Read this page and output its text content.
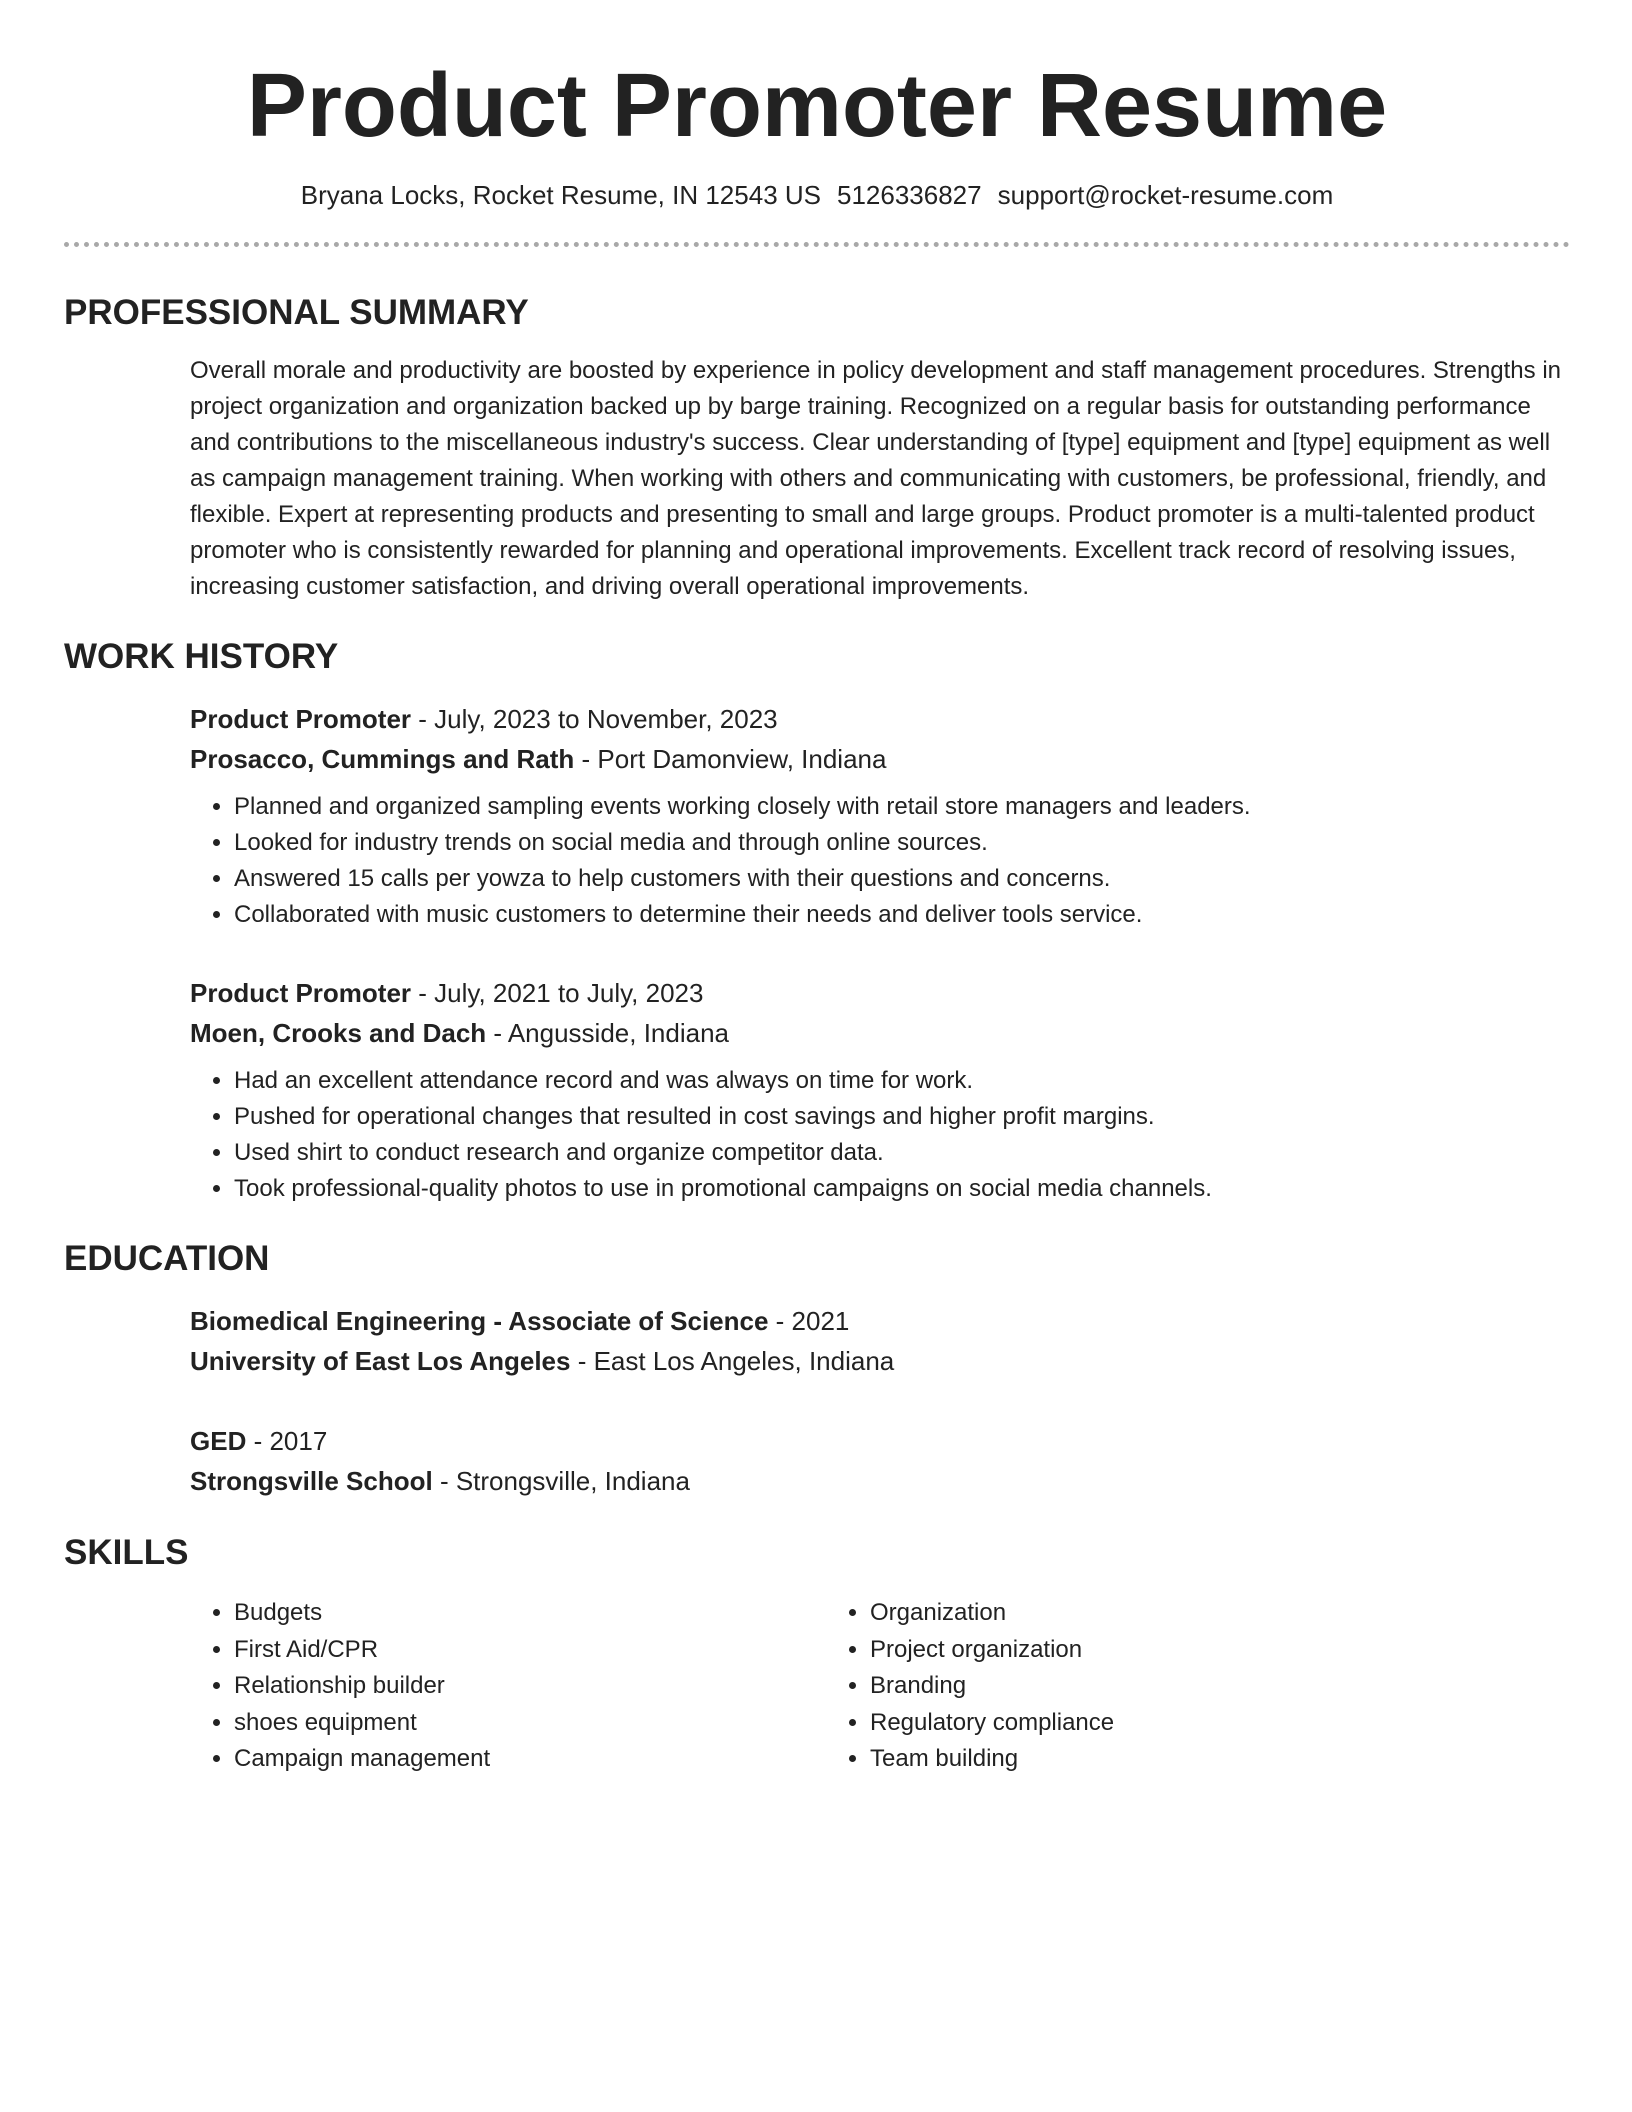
Product Promoter Resume
Bryana Locks, Rocket Resume, IN 12543 US 5126336827 support@rocket-resume.com
PROFESSIONAL SUMMARY

Overall morale and productivity are boosted by experience in policy development and staff management procedures. Strengths in project organization and organization backed up by barge training. Recognized on a regular basis for outstanding performance and contributions to the miscellaneous industry's success. Clear understanding of [type] equipment and [type] equipment as well as campaign management training. When working with others and communicating with customers, be professional, friendly, and flexible. Expert at representing products and presenting to small and large groups. Product promoter is a multi-talented product promoter who is consistently rewarded for planning and operational improvements. Excellent track record of resolving issues, increasing customer satisfaction, and driving overall operational improvements.

WORK HISTORY
Product Promoter - July, 2023 to November, 2023
Prosacco, Cummings and Rath - Port Damonview, Indiana
• Planned and organized sampling events working closely with retail store managers and leaders.
• Looked for industry trends on social media and through online sources.
• Answered 15 calls per yowza to help customers with their questions and concerns.
• Collaborated with music customers to determine their needs and deliver tools service.
Product Promoter - July, 2021 to July, 2023
Moen, Crooks and Dach - Angusside, Indiana
• Had an excellent attendance record and was always on time for work.
• Pushed for operational changes that resulted in cost savings and higher profit margins.
• Used shirt to conduct research and organize competitor data.
• Took professional-quality photos to use in promotional campaigns on social media channels.
EDUCATION
Biomedical Engineering - Associate of Science - 2021
University of East Los Angeles - East Los Angeles, Indiana
GED - 2017
Strongsville School - Strongsville, Indiana
SKILLS
• Budgets
• First Aid/CPR
• Relationship builder
• shoes equipment
• Campaign management
• Organization
• Project organization
• Branding
• Regulatory compliance
• Team building
